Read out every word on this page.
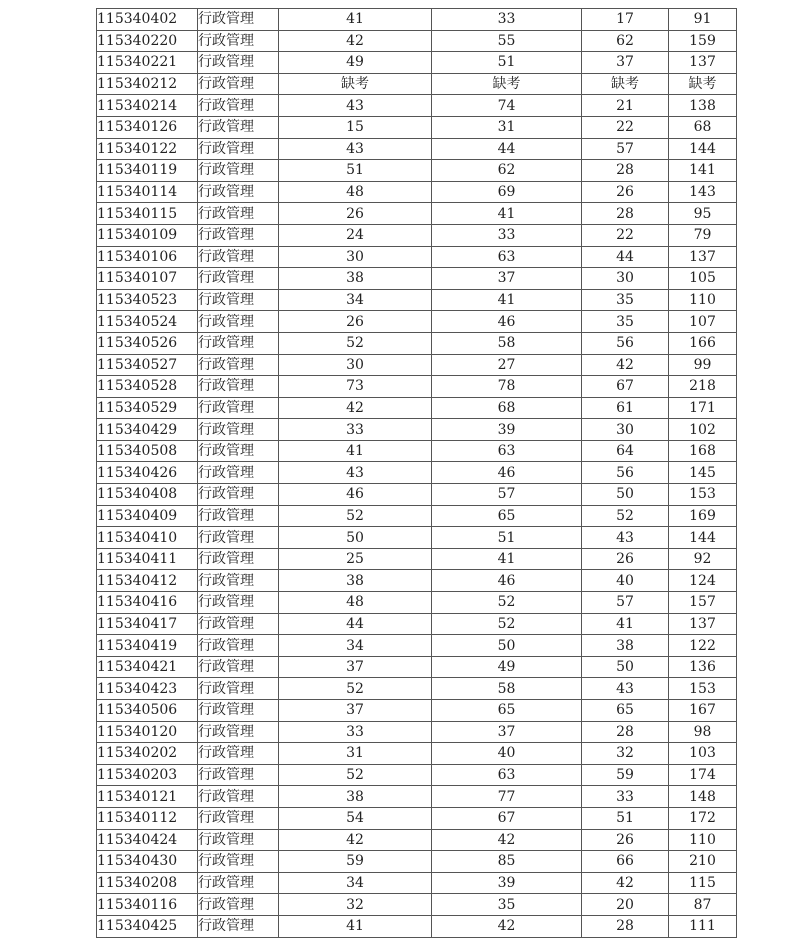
115340402	行政管理	41	33	17	91
115340220	行政管理	42	55	62	159
115340221	行政管理	49	51	37	137
115340212	行政管理	缺考	缺考	缺考	缺考
115340214	行政管理	43	74	21	138
115340126	行政管理	15	31	22	68
115340122	行政管理	43	44	57	144
115340119	行政管理	51	62	28	141
115340114	行政管理	48	69	26	143
115340115	行政管理	26	41	28	95
115340109	行政管理	24	33	22	79
115340106	行政管理	30	63	44	137
115340107	行政管理	38	37	30	105
115340523	行政管理	34	41	35	110
115340524	行政管理	26	46	35	107
115340526	行政管理	52	58	56	166
115340527	行政管理	30	27	42	99
115340528	行政管理	73	78	67	218
115340529	行政管理	42	68	61	171
115340429	行政管理	33	39	30	102
115340508	行政管理	41	63	64	168
115340426	行政管理	43	46	56	145
115340408	行政管理	46	57	50	153
115340409	行政管理	52	65	52	169
115340410	行政管理	50	51	43	144
115340411	行政管理	25	41	26	92
115340412	行政管理	38	46	40	124
115340416	行政管理	48	52	57	157
115340417	行政管理	44	52	41	137
115340419	行政管理	34	50	38	122
115340421	行政管理	37	49	50	136
115340423	行政管理	52	58	43	153
115340506	行政管理	37	65	65	167
115340120	行政管理	33	37	28	98
115340202	行政管理	31	40	32	103
115340203	行政管理	52	63	59	174
115340121	行政管理	38	77	33	148
115340112	行政管理	54	67	51	172
115340424	行政管理	42	42	26	110
115340430	行政管理	59	85	66	210
115340208	行政管理	34	39	42	115
115340116	行政管理	32	35	20	87
115340425	行政管理	41	42	28	111
